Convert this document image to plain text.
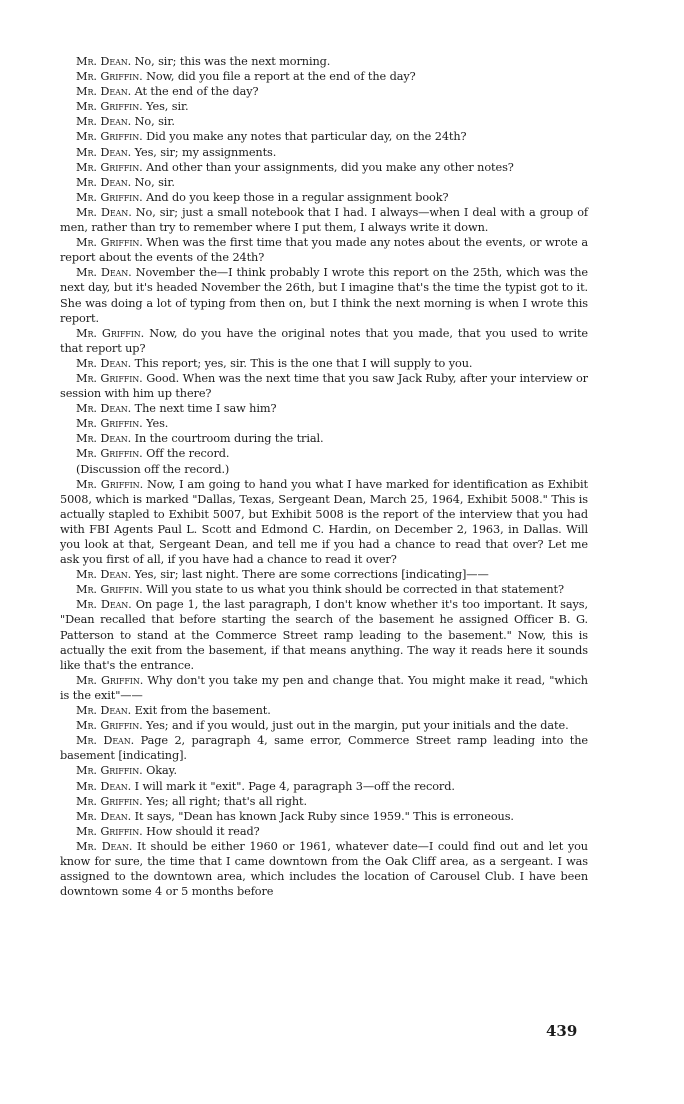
Mr. Dean. No, sir; this was the next morning.

Mr. Griffin. Now, did you file a report at the end of the day?

Mr. Dean. At the end of the day?

Mr. Griffin. Yes, sir.

Mr. Dean. No, sir.

Mr. Griffin. Did you make any notes that particular day, on the 24th?

Mr. Dean. Yes, sir; my assignments.

Mr. Griffin. And other than your assignments, did you make any other notes?

Mr. Dean. No, sir.

Mr. Griffin. And do you keep those in a regular assignment book?

Mr. Dean. No, sir; just a small notebook that I had. I always—when I deal with a group of men, rather than try to remember where I put them, I always write it down.

Mr. Griffin. When was the first time that you made any notes about the events, or wrote a report about the events of the 24th?

Mr. Dean. November the—I think probably I wrote this report on the 25th, which was the next day, but it's headed November the 26th, but I imagine that's the time the typist got to it. She was doing a lot of typing from then on, but I think the next morning is when I wrote this report.

Mr. Griffin. Now, do you have the original notes that you made, that you used to write that report up?

Mr. Dean. This report; yes, sir. This is the one that I will supply to you.

Mr. Griffin. Good. When was the next time that you saw Jack Ruby, after your interview or session with him up there?

Mr. Dean. The next time I saw him?

Mr. Griffin. Yes.

Mr. Dean. In the courtroom during the trial.

Mr. Griffin. Off the record.

(Discussion off the record.)

Mr. Griffin. Now, I am going to hand you what I have marked for identification as Exhibit 5008, which is marked "Dallas, Texas, Sergeant Dean, March 25, 1964, Exhibit 5008." This is actually stapled to Exhibit 5007, but Exhibit 5008 is the report of the interview that you had with FBI Agents Paul L. Scott and Edmond C. Hardin, on December 2, 1963, in Dallas. Will you look at that, Sergeant Dean, and tell me if you had a chance to read that over? Let me ask you first of all, if you have had a chance to read it over?

Mr. Dean. Yes, sir; last night. There are some corrections [indicating]——

Mr. Griffin. Will you state to us what you think should be corrected in that statement?

Mr. Dean. On page 1, the last paragraph, I don't know whether it's too important. It says, "Dean recalled that before starting the search of the basement he assigned Officer B. G. Patterson to stand at the Commerce Street ramp leading to the basement." Now, this is actually the exit from the basement, if that means anything. The way it reads here it sounds like that's the entrance.

Mr. Griffin. Why don't you take my pen and change that. You might make it read, "which is the exit"——

Mr. Dean. Exit from the basement.

Mr. Griffin. Yes; and if you would, just out in the margin, put your initials and the date.

Mr. Dean. Page 2, paragraph 4, same error, Commerce Street ramp leading into the basement [indicating].

Mr. Griffin. Okay.

Mr. Dean. I will mark it "exit". Page 4, paragraph 3—off the record.

Mr. Griffin. Yes; all right; that's all right.

Mr. Dean. It says, "Dean has known Jack Ruby since 1959." This is erroneous.

Mr. Griffin. How should it read?

Mr. Dean. It should be either 1960 or 1961, whatever date—I could find out and let you know for sure, the time that I came downtown from the Oak Cliff area, as a sergeant. I was assigned to the downtown area, which includes the location of Carousel Club. I have been downtown some 4 or 5 months before

439
